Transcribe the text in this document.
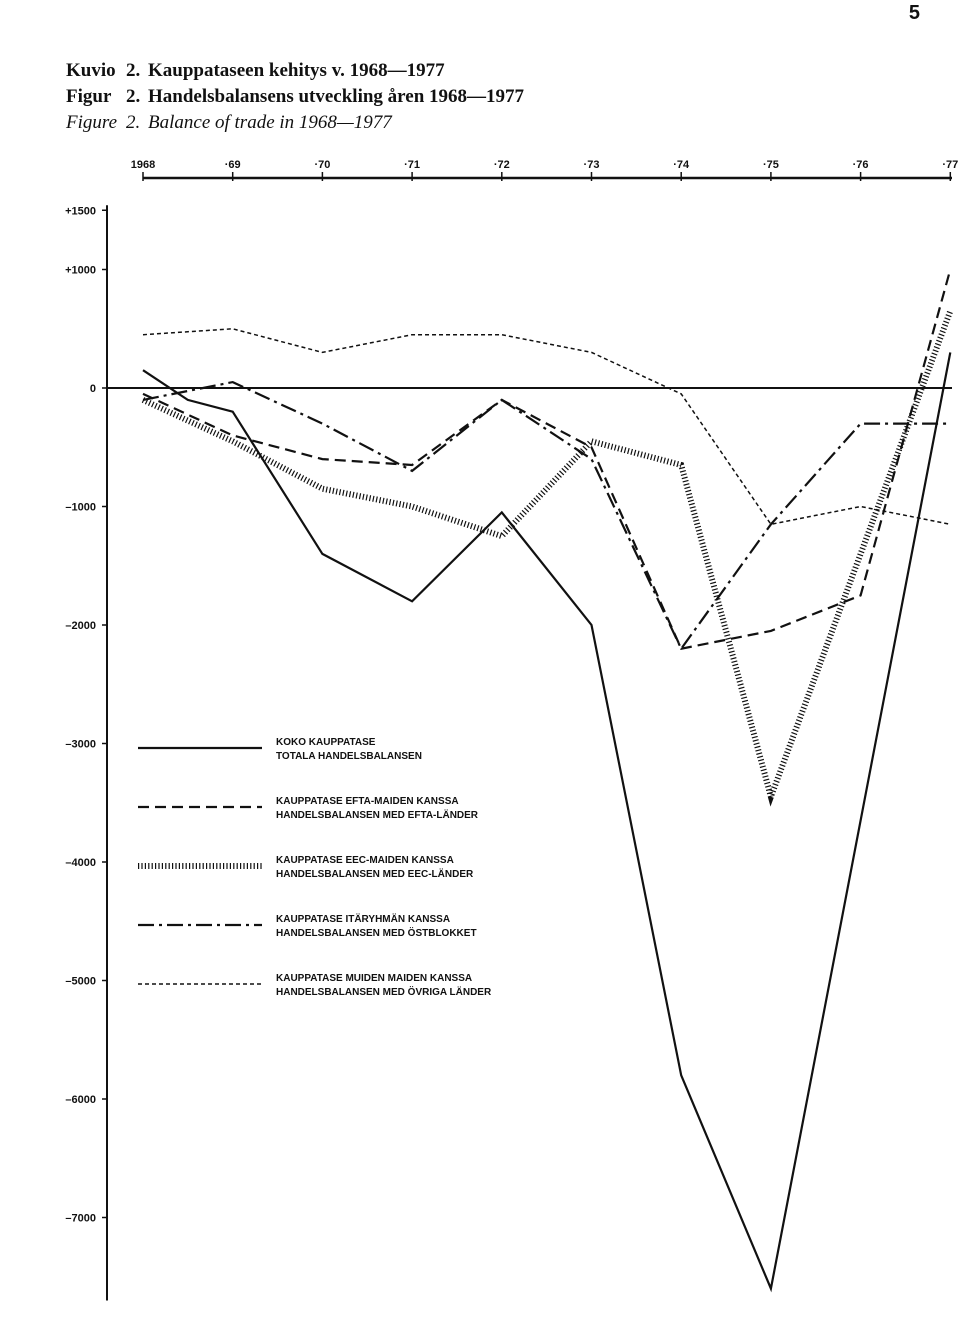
5
Kuvio 2. Kauppataseen kehitys v. 1968—1977
Figur 2. Handelsbalansens utveckling åren 1968—1977
Figure 2. Balance of trade in 1968—1977
1968	·69	·70	·71	·72	·73	·74	·75	·76	·77
+1500
+1000
0
–1000
–2000
–3000
–4000
–5000
–6000
–7000
KOKO KAUPPATASE
TOTALA HANDELSBALANSEN
KAUPPATASE EFTA-MAIDEN KANSSA
HANDELSBALANSEN MED EFTA-LÄNDER
KAUPPATASE EEC-MAIDEN KANSSA
HANDELSBALANSEN MED EEC-LÄNDER
KAUPPATASE ITÄRYHMÄN KANSSA
HANDELSBALANSEN MED ÖSTBLOKKET
KAUPPATASE MUIDEN MAIDEN KANSSA
HANDELSBALANSEN MED ÖVRIGA LÄNDER
